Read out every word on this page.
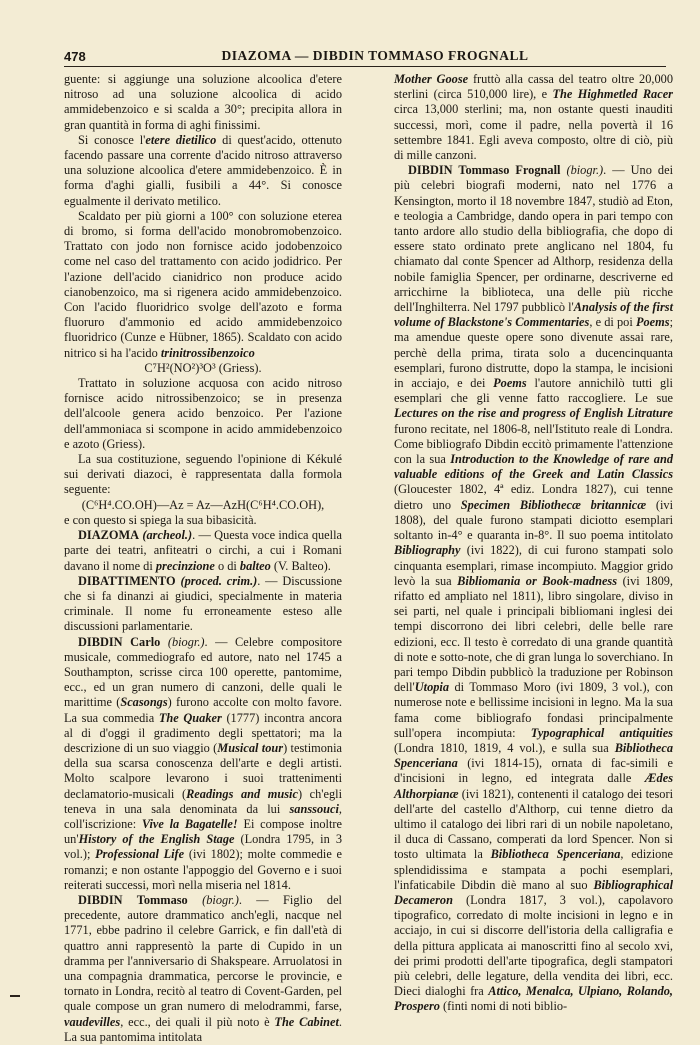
478	DIAZOMA — DIBDIN TOMMASO FROGNALL

guente: si aggiunge una soluzione alcoolica d'etere nitroso ad una soluzione alcoolica di acido ammidebenzoico e si scalda a 30°; precipita allora in gran quantità in forma di aghi finissimi.

Si conosce l'etere dietilico di quest'acido, ottenuto facendo passare una corrente d'acido nitroso attraverso una soluzione alcoolica d'etere ammidebenzoico. È in forma d'aghi gialli, fusibili a 44°. Si conosce egualmente il derivato metilico.

Scaldato per più giorni a 100° con soluzione eterea di bromo, si forma dell'acido monobromobenzoico. Trattato con jodo non fornisce acido jodobenzoico come nel caso del trattamento con acido jodidrico. Per l'azione dell'acido cianidrico non produce acido cianobenzoico, ma si rigenera acido ammidebenzoico. Con l'acido fluoridrico svolge dell'azoto e forma fluoruro d'ammonio ed acido ammidebenzoico fluoridrico (Cunze e Hübner, 1865). Scaldato con acido nitrico si ha l'acido trinitrossibenzoico

C⁷H²(NO²)³O³ (Griess).

Trattato in soluzione acquosa con acido nitroso fornisce acido nitrossibenzoico; se in presenza dell'alcoole genera acido benzoico. Per l'azione dell'ammoniaca si scompone in acido ammidebenzoico e azoto (Griess).

La sua costituzione, seguendo l'opinione di Kékulé sui derivati diazoci, è rappresentata dalla formola seguente:

(C⁶H⁴.CO.OH)—Az = Az—AzH(C⁶H⁴.CO.OH),

e con questo si spiega la sua bibasicità.

DIAZOMA (archeol.). — Questa voce indica quella parte dei teatri, anfiteatri o circhi, a cui i Romani davano il nome di precinzione o di balteo (V. Balteo).

DIBATTIMENTO (proced. crim.). — Discussione che si fa dinanzi ai giudici, specialmente in materia criminale. Il nome fu erroneamente esteso alle discussioni parlamentarie.

DIBDIN Carlo (biogr.). — Celebre compositore musicale, commediografo ed autore, nato nel 1745 a Southampton, scrisse circa 100 operette, pantomime, ecc., ed un gran numero di canzoni, delle quali le marittime (Scasongs) furono accolte con molto favore. La sua commedia The Quaker (1777) incontra ancora al di d'oggi il gradimento degli spettatori; ma la descrizione di un suo viaggio (Musical tour) testimonia della sua scarsa conoscenza dell'arte e degli artisti. Molto scalpore levarono i suoi trattenimenti declamatorio-musicali (Readings and music) ch'egli teneva in una sala denominata da lui sanssouci, coll'iscrizione: Vive la Bagatelle! Ei compose inoltre un'History of the English Stage (Londra 1795, in 3 vol.); Professional Life (ivi 1802); molte commedie e romanzi; e non ostante l'appoggio del Governo e i suoi reiterati successi, morì nella miseria nel 1814.

DIBDIN Tommaso (biogr.). — Figlio del precedente, autore drammatico anch'egli, nacque nel 1771, ebbe padrino il celebre Garrick, e fin dall'età di quattro anni rappresentò la parte di Cupido in un dramma per l'anniversario di Shakspeare. Arruolatosi in una compagnia drammatica, percorse le provincie, e tornato in Londra, recitò al teatro di Covent-Garden, pel quale compose un gran numero di melodrammi, farse, vaudevilles, ecc., dei quali il più noto è The Cabinet. La sua pantomima intitolata

Mother Goose fruttò alla cassa del teatro oltre 20,000 sterlini (circa 510,000 lire), e The Highmetled Racer circa 13,000 sterlini; ma, non ostante questi inauditi successi, morì, come il padre, nella povertà il 16 settembre 1841. Egli aveva composto, oltre di ciò, più di mille canzoni.

DIBDIN Tommaso Frognall (biogr.). — Uno dei più celebri biografi moderni, nato nel 1776 a Kensington, morto il 18 novembre 1847, studiò ad Eton, e teologia a Cambridge, dando opera in pari tempo con tanto ardore allo studio della bibliografia, che dopo di essere stato ordinato prete anglicano nel 1804, fu chiamato dal conte Spencer ad Althorp, residenza della nobile famiglia Spencer, per ordinarne, descriverne ed arricchirne la biblioteca, una delle più ricche dell'Inghilterra. Nel 1797 pubblicò l'Analysis of the first volume of Blackstone's Commentaries, e di poi Poems; ma amendue queste opere sono divenute assai rare, perchè della prima, tirata solo a ducencinquanta esemplari, furono distrutte, dopo la stampa, le incisioni in acciajo, e dei Poems l'autore annichilò tutti gli esemplari che gli venne fatto raccogliere. Le sue Lectures on the rise and progress of English Litrature furono recitate, nel 1806-8, nell'Istituto reale di Londra. Come bibliografo Dibdin eccitò primamente l'attenzione con la sua Introduction to the Knowledge of rare and valuable editions of the Greek and Latin Classics (Gloucester 1802, 4ª ediz. Londra 1827), cui tenne dietro uno Specimen Bibliothecæ britannicæ (ivi 1808), del quale furono stampati diciotto esemplari soltanto in-4° e quaranta in-8°. Il suo poema intitolato Bibliography (ivi 1822), di cui furono stampati solo cinquanta esemplari, rimase incompiuto. Maggior grido levò la sua Bibliomania or Book-madness (ivi 1809, rifatto ed ampliato nel 1811), libro singolare, diviso in sei parti, nel quale i principali bibliomani inglesi dei tempi discorrono dei libri celebri, delle belle rare edizioni, ecc. Il testo è corredato di una grande quantità di note e sotto-note, che di gran lunga lo soverchiano. In pari tempo Dibdin pubblicò la traduzione per Robinson dell'Utopia di Tommaso Moro (ivi 1809, 3 vol.), con numerose note e bellissime incisioni in legno. Ma la sua fama come bibliografo fondasi principalmente sull'opera incompiuta: Typographical antiquities (Londra 1810, 1819, 4 vol.), e sulla sua Bibliotheca Spenceriana (ivi 1814-15), ornata di fac-simili e d'incisioni in legno, ed integrata dalle Ædes Althorpianæ (ivi 1821), contenenti il catalogo dei tesori dell'arte del castello d'Althorp, cui tenne dietro da ultimo il catalogo dei libri rari di un nobile napoletano, il duca di Cassano, comperati da lord Spencer. Non si tosto ultimata la Bibliotheca Spenceriana, edizione splendidissima e stampata a pochi esemplari, l'infaticabile Dibdin diè mano al suo Bibliographical Decameron (Londra 1817, 3 vol.), capolavoro tipografico, corredato di molte incisioni in legno e in acciajo, in cui si discorre dell'istoria della calligrafia e della pittura applicata ai manoscritti fino al secolo xvi, dei primi prodotti dell'arte tipografica, degli stampatori più celebri, delle legature, della vendita dei libri, ecc. Dieci dialoghi fra Attico, Menalca, Ulpiano, Rolando, Prospero (finti nomi di noti biblio-
